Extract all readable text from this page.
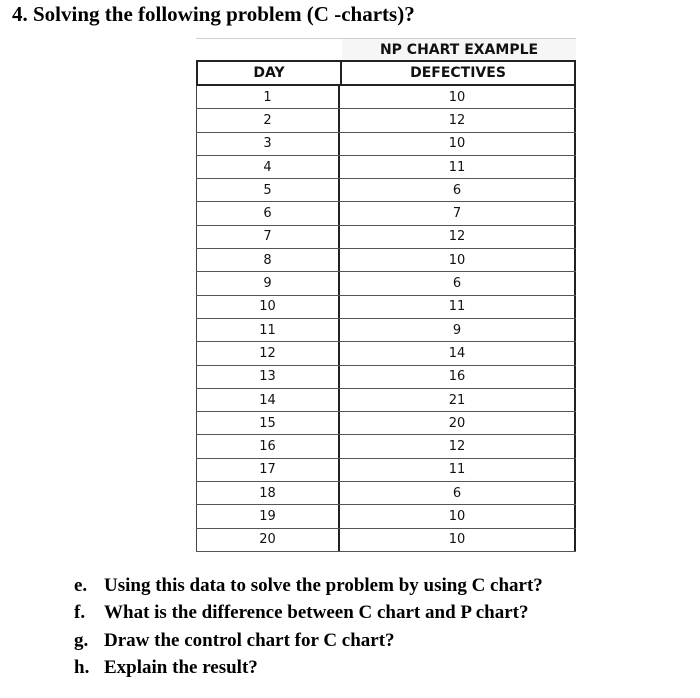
4. Solving the following problem (C -charts)?
NP CHART EXAMPLE
DAY	DEFECTIVES
1	10
2	12
3	10
4	11
5	6
6	7
7	12
8	10
9	6
10	11
11	9
12	14
13	16
14	21
15	20
16	12
17	11
18	6
19	10
20	10
e. Using this data to solve the problem by using C chart?
f. What is the difference between C chart and P chart?
g. Draw the control chart for C chart?
h. Explain the result?
